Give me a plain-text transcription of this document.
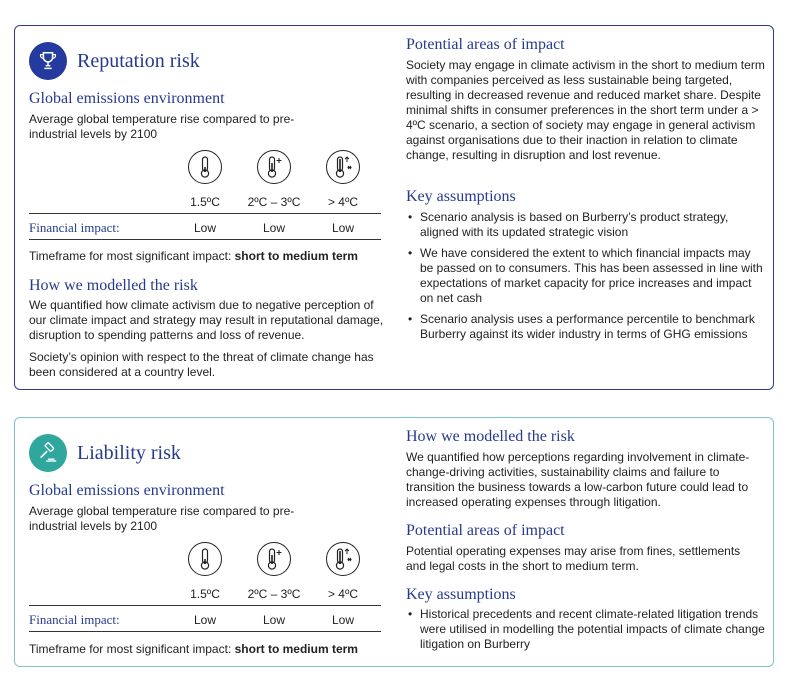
Reputation risk
Global emissions environment

Average global temperature rise compared to pre-industrial levels by 2100

1.5ºC	2ºC – 3ºC	> 4ºC
Financial impact:	Low	Low	Low
Timeframe for most significant impact: short to medium term
How we modelled the risk

We quantified how climate activism due to negative perception of our climate impact and strategy may result in reputational damage, disruption to spending patterns and loss of revenue.

Society’s opinion with respect to the threat of climate change has been considered at a country level.

Potential areas of impact

Society may engage in climate activism in the short to medium term with companies perceived as less sustainable being targeted, resulting in decreased revenue and reduced market share. Despite minimal shifts in consumer preferences in the short term under a > 4ºC scenario, a section of society may engage in general activism against organisations due to their inaction in relation to climate change, resulting in disruption and lost revenue.

Key assumptions
• Scenario analysis is based on Burberry’s product strategy, aligned with its updated strategic vision
• We have considered the extent to which financial impacts may be passed on to consumers. This has been assessed in line with expectations of market capacity for price increases and impact on net cash
• Scenario analysis uses a performance percentile to benchmark Burberry against its wider industry in terms of GHG emissions
Liability risk
Global emissions environment

Average global temperature rise compared to pre-industrial levels by 2100

1.5ºC	2ºC – 3ºC	> 4ºC
Financial impact:	Low	Low	Low
Timeframe for most significant impact: short to medium term
How we modelled the risk

We quantified how perceptions regarding involvement in climate-change-driving activities, sustainability claims and failure to transition the business towards a low-carbon future could lead to increased operating expenses through litigation.

Potential areas of impact

Potential operating expenses may arise from fines, settlements and legal costs in the short to medium term.

Key assumptions
• Historical precedents and recent climate-related litigation trends were utilised in modelling the potential impacts of climate change litigation on Burberry
